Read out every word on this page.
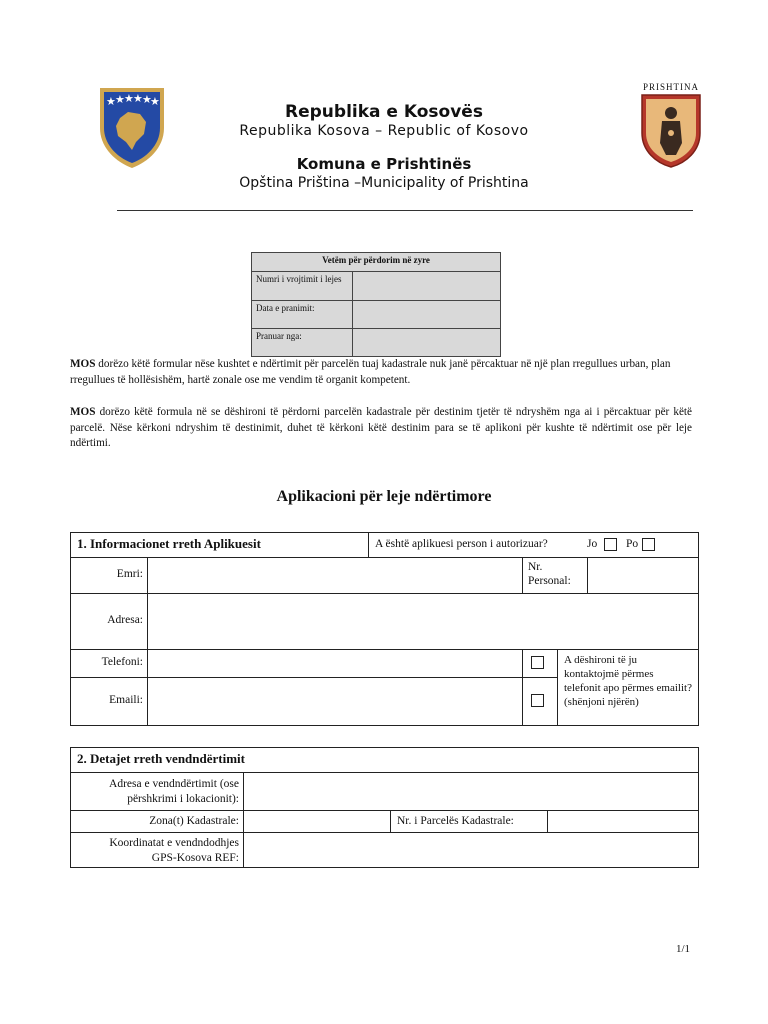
★ ★ ★ ★ ★
★
PRISHTINA
Republika e Kosovës
Republika Kosova – Republic of Kosovo
Komuna e Prishtinës
Opština Priština –Municipality of Prishtina
Vetëm për përdorim në zyre	
Numri i vrojtimit i lejes	
Data e pranimit:	
Pranuar nga:	
MOS dorëzo këtë formular nëse kushtet e ndërtimit për parcelën tuaj kadastrale nuk janë përcaktuar në një plan rregullues urban, plan rregullues të hollësishëm, hartë zonale ose me vendim të organit kompetent.
MOS dorëzo këtë formula në se dëshironi të përdorni parcelën kadastrale për destinim tjetër të ndryshëm nga ai i përcaktuar për këtë parcelë. Nëse kërkoni ndryshim të destinimit, duhet të kërkoni këtë destinim para se të aplikoni për kushte të ndërtimit ose për leje ndërtimi.
Aplikacioni për leje ndërtimore
1. Informacionet rreth Aplikuesit	A është aplikuesi person i autorizuar?	Jo	Po
Emri:
Nr. Personal:
Adresa:
Telefoni:
Emaili:
A dëshironi të ju kontaktojmë përmes telefonit apo përmes emailit? (shënjoni njërën)
2. Detajet rreth vendndërtimit
Adresa e vendndërtimit (ose përshkrimi i lokacionit):
Zona(t) Kadastrale:	Nr. i Parcelës Kadastrale:
Koordinatat e vendndodhjes GPS-Kosova REF:
1/1
